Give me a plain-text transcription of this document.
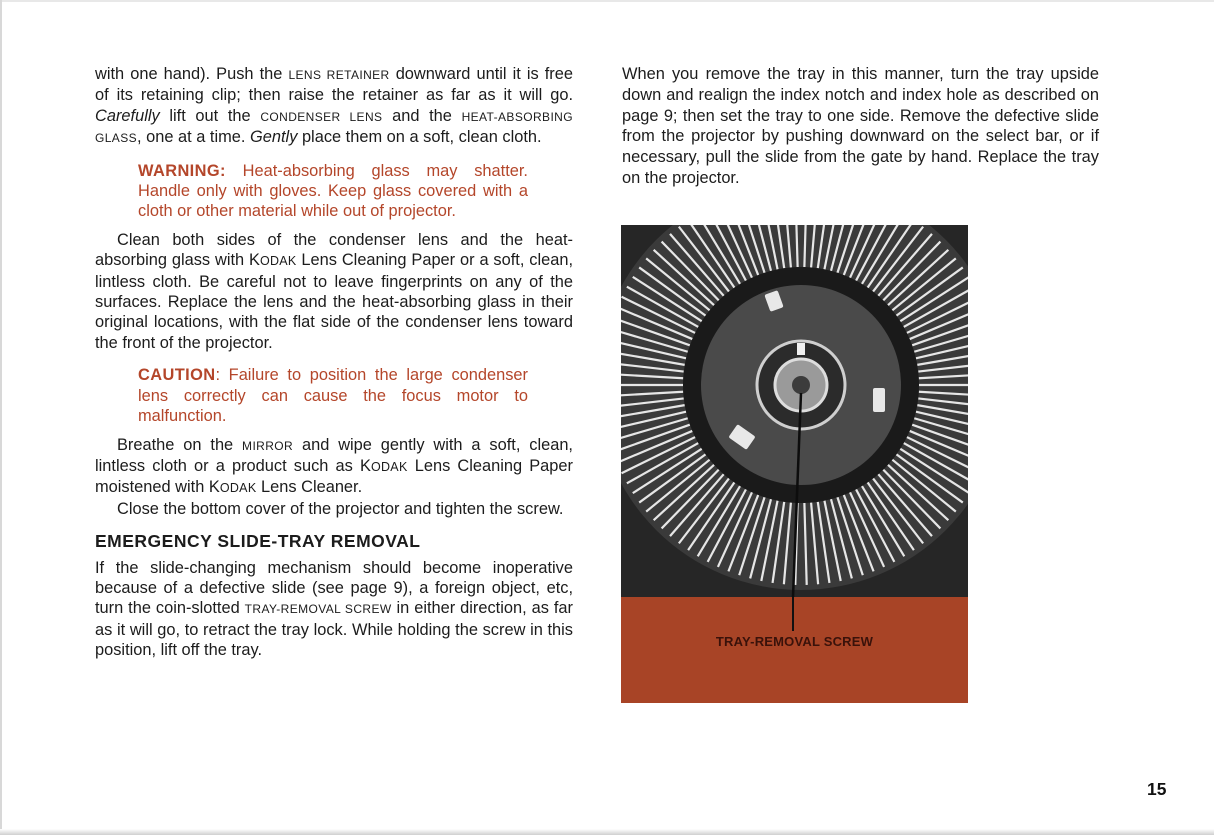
with one hand). Push the LENS RETAINER downward until it is free of its retaining clip; then raise the retainer as far as it will go. Carefully lift out the CONDENSER LENS and the HEAT-ABSORBING GLASS, one at a time. Gently place them on a soft, clean cloth.

WARNING: Heat-absorbing glass may shatter. Handle only with gloves. Keep glass covered with a cloth or other material while out of projector.

Clean both sides of the condenser lens and the heat-absorbing glass with KODAK Lens Cleaning Paper or a soft, clean, lintless cloth. Be careful not to leave fingerprints on any of the surfaces. Replace the lens and the heat-absorbing glass in their original locations, with the flat side of the condenser lens toward the front of the projector.

CAUTION: Failure to position the large condenser lens correctly can cause the focus motor to malfunction.

Breathe on the MIRROR and wipe gently with a soft, clean, lintless cloth or a product such as KODAK Lens Cleaning Paper moistened with KODAK Lens Cleaner.

Close the bottom cover of the projector and tighten the screw.

EMERGENCY SLIDE-TRAY REMOVAL

If the slide-changing mechanism should become inoperative because of a defective slide (see page 9), a foreign object, etc, turn the coin-slotted TRAY-REMOVAL SCREW in either direction, as far as it will go, to retract the tray lock. While holding the screw in this position, lift off the tray.

When you remove the tray in this manner, turn the tray upside down and realign the index notch and index hole as described on page 9; then set the tray to one side. Remove the defective slide from the projector by pushing downward on the select bar, or if necessary, pull the slide from the gate by hand. Replace the tray on the projector.

TRAY-REMOVAL SCREW
15
